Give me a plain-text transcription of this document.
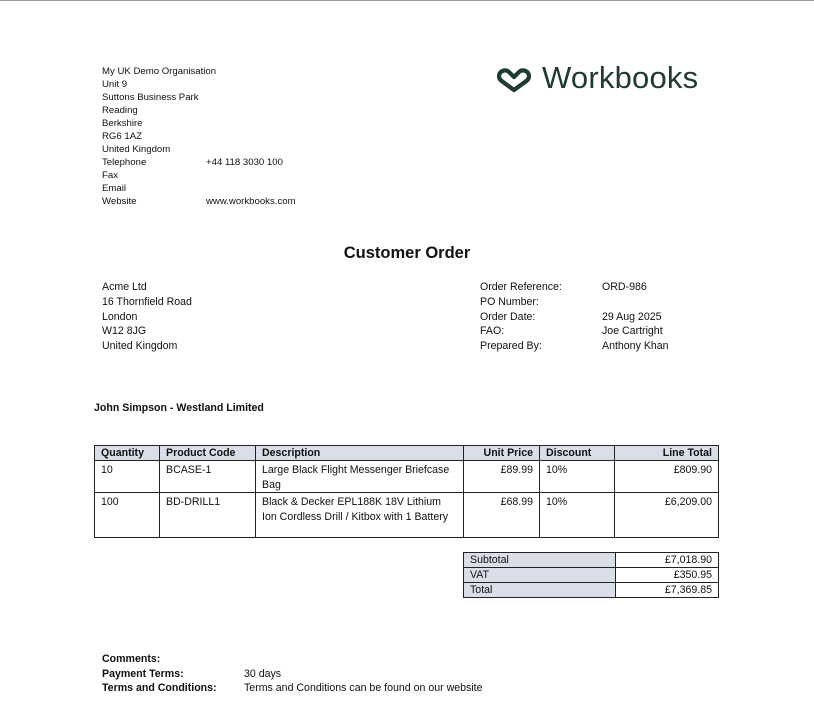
My UK Demo Organisation
Unit 9
Suttons Business Park
Reading
Berkshire
RG6 1AZ
United Kingdom
Telephone	+44 118 3030 100
Fax
Email
Website	www.workbooks.com
Workbooks
Customer Order
Acme Ltd
16 Thornfield Road
London
W12 8JG
United Kingdom
Order Reference:	ORD-986
PO Number:
Order Date:	29 Aug 2025
FAO:	Joe Cartright
Prepared By:	Anthony Khan
John Simpson - Westland Limited
Quantity	Product Code	Description	Unit Price	Discount	Line Total
10	BCASE-1	Large Black Flight Messenger Briefcase Bag	£89.99	10%	£809.90
100	BD-DRILL1	Black & Decker EPL188K 18V Lithium Ion Cordless Drill / Kitbox with 1 Battery	£68.99	10%	£6,209.00
Subtotal	£7,018.90
VAT	£350.95
Total	£7,369.85
Comments:
Payment Terms:	30 days
Terms and Conditions:	Terms and Conditions can be found on our website
